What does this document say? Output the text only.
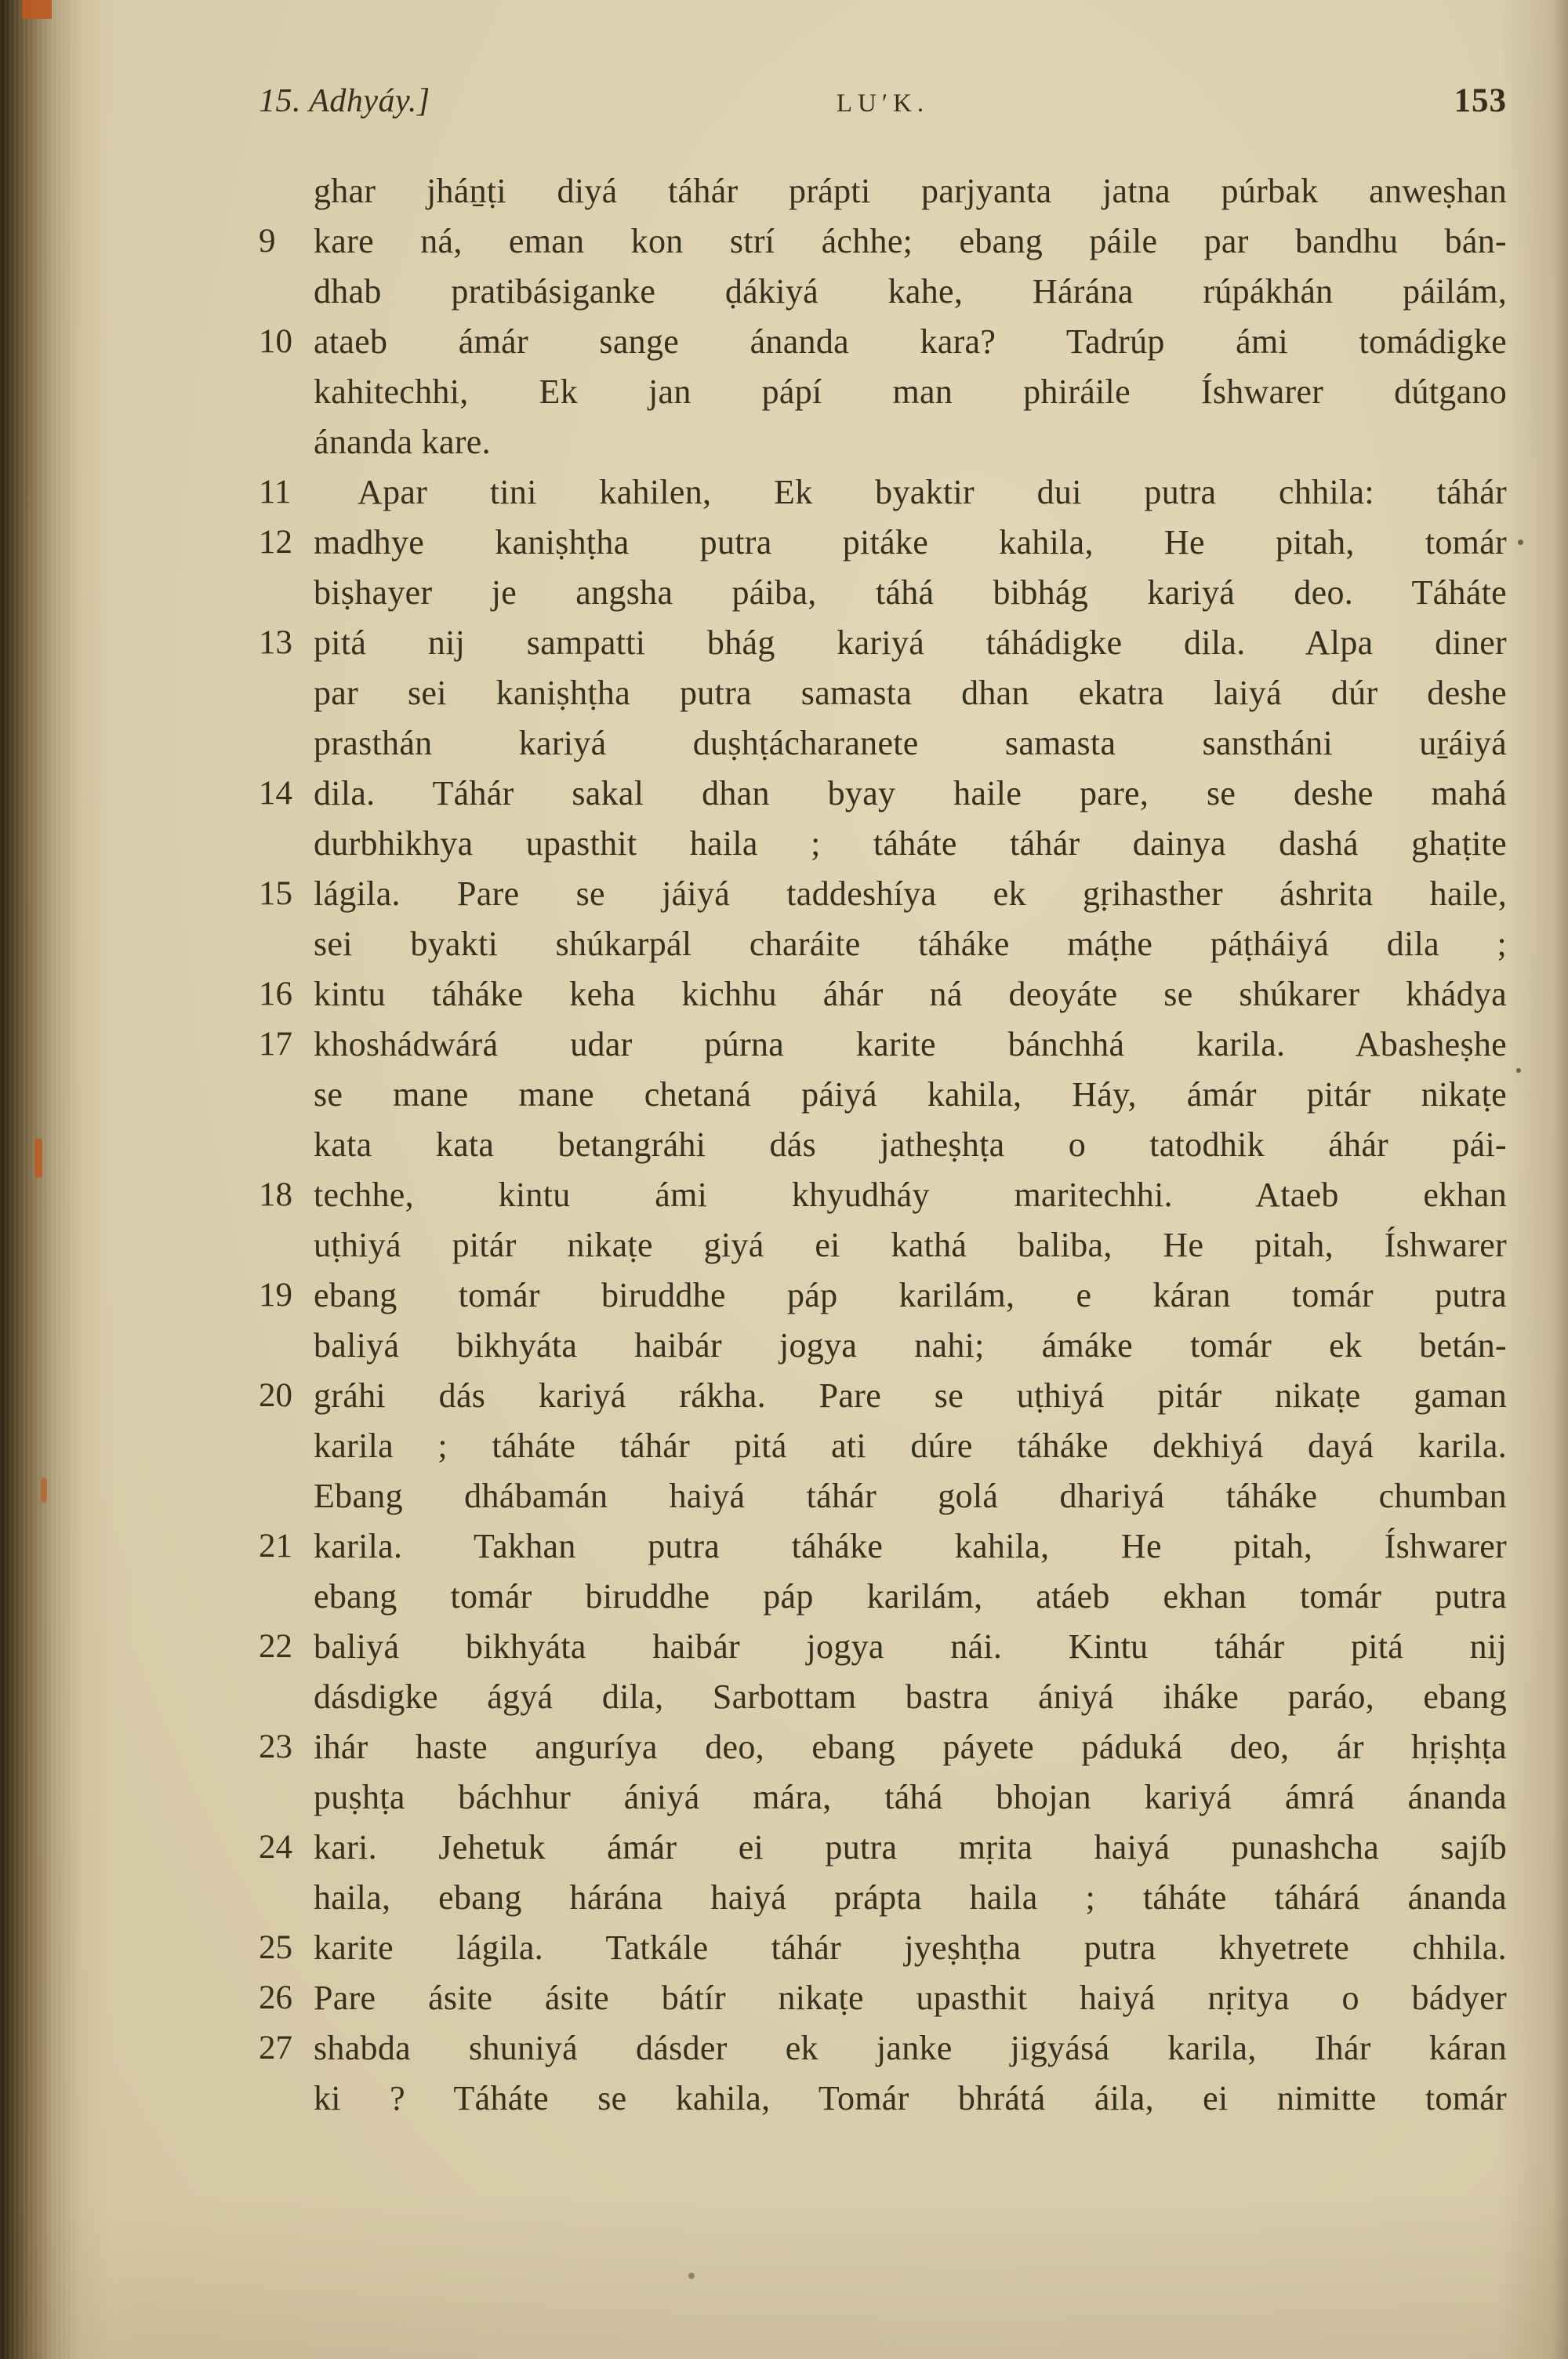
15. Adhyáy.]	LU′K.	153
ghar jháṉṭi diyá táhár prápti parjyanta jatna púrbak anweṣhan
9	kare ná, eman kon strí áchhe; ebang páile par bandhu bán-
dhab pratibásiganke ḍákiyá kahe, Hárána rúpákhán páilám,
10 ataeb ámár sange ánanda kara? Tadrúp ámi tomádigke
kahitechhi, Ek jan pápí man phiráile Íshwarer dútgano
ánanda kare.
11	Apar tini kahilen, Ek byaktir dui putra chhila: táhár
12 madhye kaniṣhṭha putra pitáke kahila, He pitah, tomár
biṣhayer je angsha páiba, táhá bibhág kariyá deo. Táháte
13 pitá nij sampatti bhág kariyá táhádigke dila. Alpa diner
par sei kaniṣhṭha putra samasta dhan ekatra laiyá dúr deshe
prasthán kariyá duṣhṭácharanete samasta sanstháni uṟáiyá
14 dila. Táhár sakal dhan byay haile pare, se deshe mahá
durbhikhya upasthit haila ; táháte táhár dainya dashá ghaṭite
15 lágila. Pare se jáiyá taddeshíya ek gṛihasther áshrita haile,
sei byakti shúkarpál charáite táháke máṭhe páṭháiyá dila ;
16 kintu táháke keha kichhu áhár ná deoyáte se shúkarer khádya
17 khoshádwárá udar púrna karite bánchhá karila. Abasheṣhe
se mane mane chetaná páiyá kahila, Háy, ámár pitár nikaṭe
kata kata betangráhi dás jatheṣhṭa o tatodhik áhár pái-
18 techhe, kintu ámi khyudháy maritechhi. Ataeb ekhan
uṭhiyá pitár nikaṭe giyá ei kathá baliba, He pitah, Íshwarer
19 ebang tomár biruddhe páp karilám, e káran tomár putra
baliyá bikhyáta haibár jogya nahi; ámáke tomár ek betán-
20 gráhi dás kariyá rákha. Pare se uṭhiyá pitár nikaṭe gaman
karila ; táháte táhár pitá ati dúre táháke dekhiyá dayá karila.
Ebang dhábamán haiyá táhár golá dhariyá táháke chumban
21 karila. Takhan putra táháke kahila, He pitah, Íshwarer
ebang tomár biruddhe páp karilám, atáeb ekhan tomár putra
22 baliyá bikhyáta haibár jogya nái. Kintu táhár pitá nij
dásdigke ágyá dila, Sarbottam bastra ániyá iháke paráo, ebang
23 ihár haste anguríya deo, ebang páyete páduká deo, ár hṛiṣhṭa
puṣhṭa báchhur ániyá mára, táhá bhojan kariyá ámrá ánanda
24 kari. Jehetuk ámár ei putra mṛita haiyá punashcha sajíb
haila, ebang hárána haiyá prápta haila ; táháte táhárá ánanda
25 karite lágila. Tatkále táhár jyeṣhṭha putra khyetrete chhila.
26 Pare ásite ásite bátír nikaṭe upasthit haiyá nṛitya o bádyer
27 shabda shuniyá dásder ek janke jigyásá karila, Ihár káran
ki ? Táháte se kahila, Tomár bhrátá áila, ei nimitte tomár
